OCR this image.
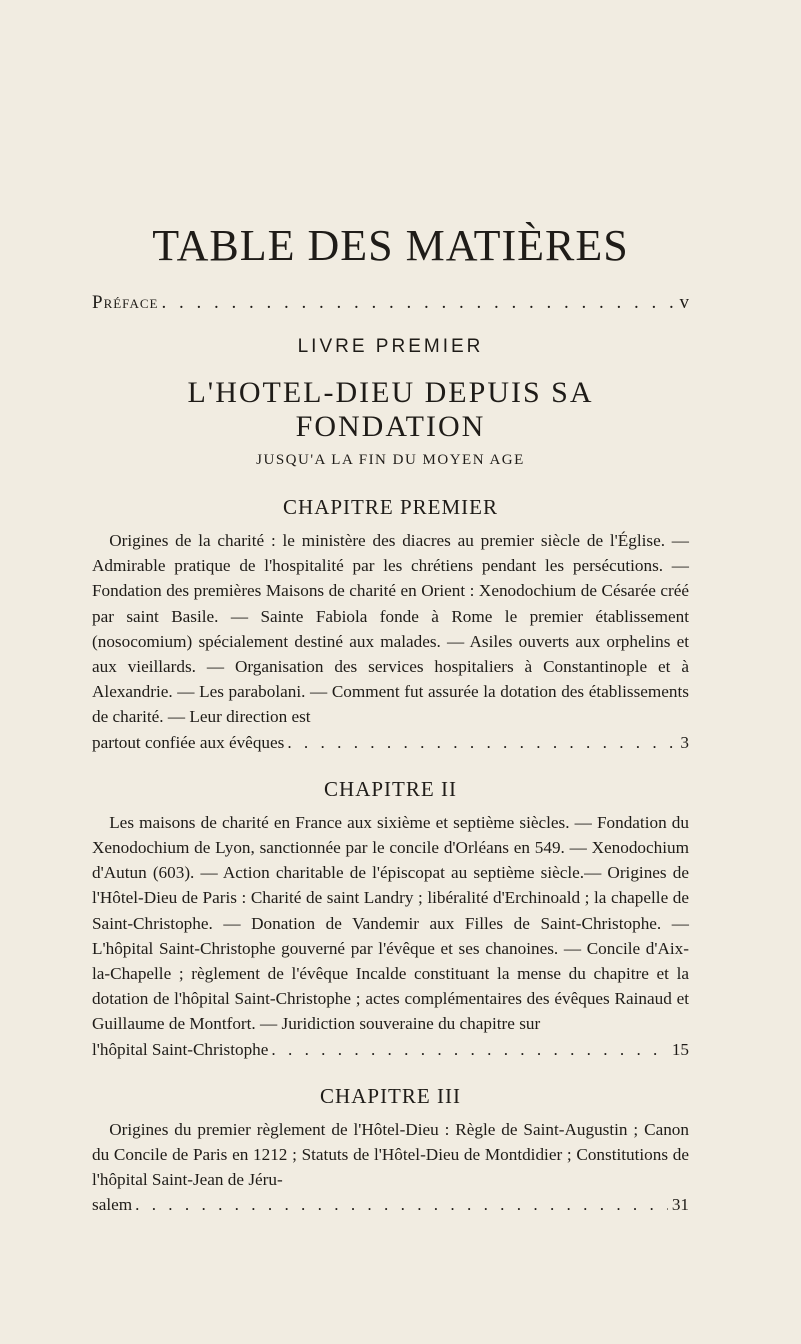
TABLE DES MATIÈRES
Préface . . .	v
LIVRE PREMIER
L'HOTEL-DIEU DEPUIS SA FONDATION
JUSQU'A LA FIN DU MOYEN AGE
CHAPITRE PREMIER

Origines de la charité : le ministère des diacres au premier siècle de l'Église. — Admirable pratique de l'hospitalité par les chrétiens pendant les persécutions. — Fondation des premières Maisons de charité en Orient : Xenodochium de Césarée créé par saint Basile. — Sainte Fabiola fonde à Rome le premier établissement (nosocomium) spécialement destiné aux malades. — Asiles ouverts aux orphelins et aux vieillards. — Organisation des services hospitaliers à Constantinople et à Alexandrie. — Les parabolani. — Comment fut assurée la dotation des établissements de charité. — Leur direction est

partout confiée aux évêques . . .	3
CHAPITRE II

Les maisons de charité en France aux sixième et septième siècles. — Fondation du Xenodochium de Lyon, sanctionnée par le concile d'Orléans en 549. — Xenodochium d'Autun (603). — Action charitable de l'épiscopat au septième siècle.— Origines de l'Hôtel-Dieu de Paris : Charité de saint Landry ; libéralité d'Erchinoald ; la chapelle de Saint-Christophe. — Donation de Vandemir aux Filles de Saint-Christophe. — L'hôpital Saint-Christophe gouverné par l'évêque et ses chanoines. — Concile d'Aix-la-Chapelle ; règlement de l'évêque Incalde constituant la mense du chapitre et la dotation de l'hôpital Saint-Christophe ; actes complémentaires des évêques Rainaud et Guillaume de Montfort. — Juridiction souveraine du chapitre sur

l'hôpital Saint-Christophe . . .	15
CHAPITRE III

Origines du premier règlement de l'Hôtel-Dieu : Règle de Saint-Augustin ; Canon du Concile de Paris en 1212 ; Statuts de l'Hôtel-Dieu de Montdidier ; Constitutions de l'hôpital Saint-Jean de Jéru-

salem . . .	31
